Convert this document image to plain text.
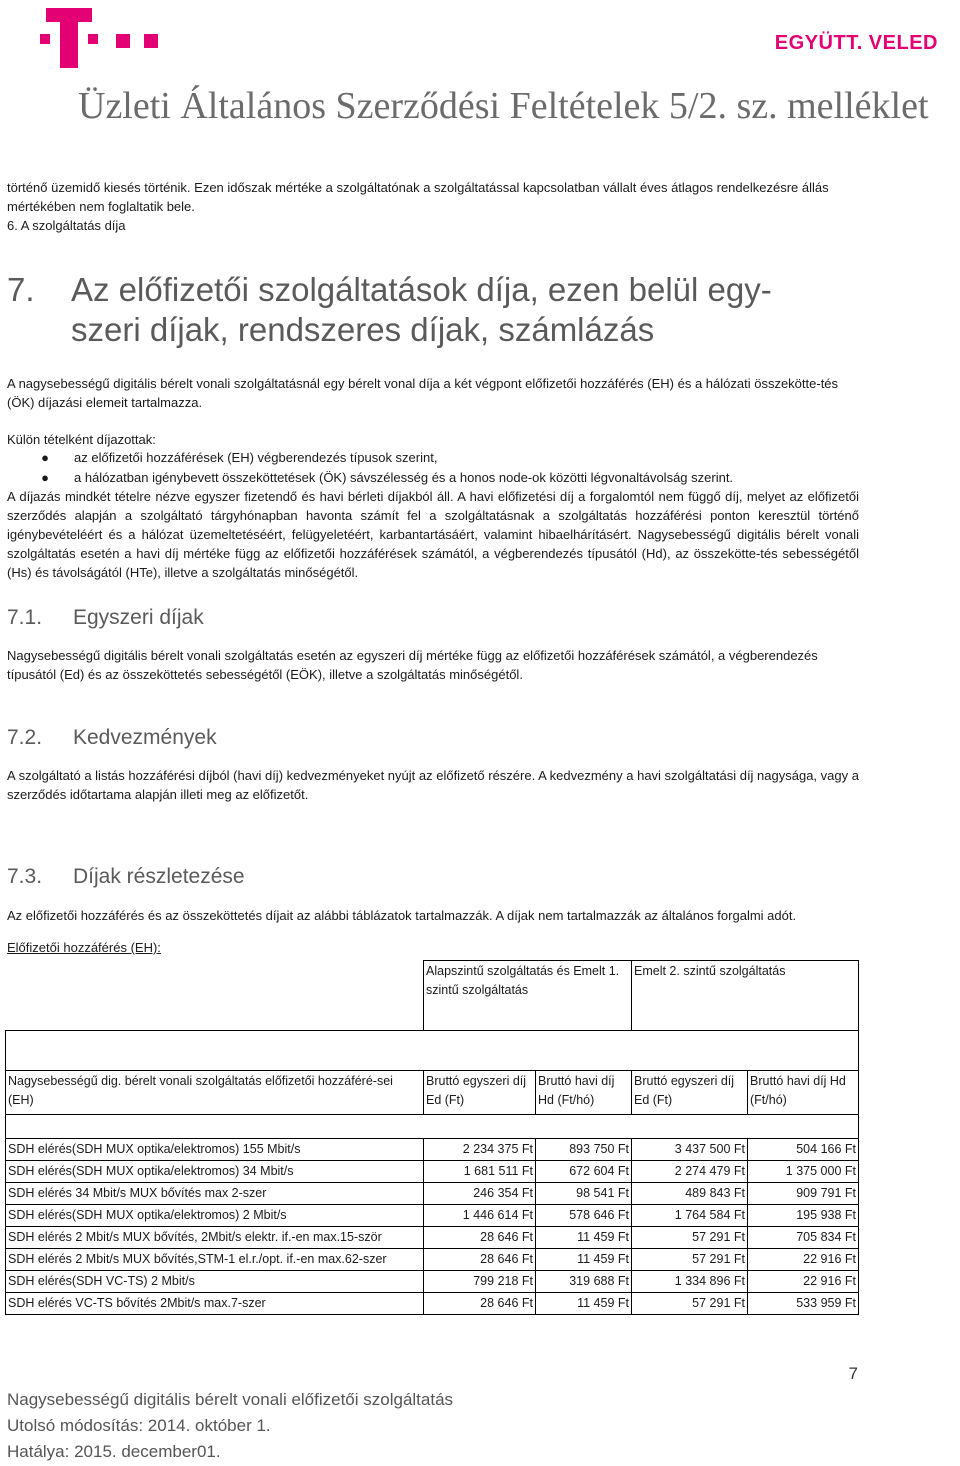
EGYÜTT. VELED
Üzleti Általános Szerződési Feltételek 5/2. sz. melléklet
történő üzemidő kiesés történik. Ezen időszak mértéke a szolgáltatónak a szolgáltatással kapcsolatban vállalt éves átlagos rendelkezésre állás mértékében nem foglaltatik bele.
6. A szolgáltatás díja
7. Az előfizetői szolgáltatások díja, ezen belül egy-
szeri díjak, rendszeres díjak, számlázás
A nagysebességű digitális bérelt vonali szolgáltatásnál egy bérelt vonal díja a két végpont előfizetői hozzáférés (EH) és a hálózati összekötte-tés (ÖK) díjazási elemeit tartalmazza.
Külön tételként díjazottak:
● az előfizetői hozzáférések (EH) végberendezés típusok szerint,
● a hálózatban igénybevett összeköttetések (ÖK) sávszélesség és a honos node-ok közötti légvonaltávolság szerint.
A díjazás mindkét tételre nézve egyszer fizetendő és havi bérleti díjakból áll. A havi előfizetési díj a forgalomtól nem függő díj, melyet az előfizetői szerződés alapján a szolgáltató tárgyhónapban havonta számít fel a szolgáltatásnak a szolgáltatás hozzáférési ponton keresztül történő igénybevételéért és a hálózat üzemeltetéséért, felügyeletéért, karbantartásáért, valamint hibaelhárításért. Nagysebességű digitális bérelt vonali szolgáltatás esetén a havi díj mértéke függ az előfizetői hozzáférések számától, a végberendezés típusától (Hd), az összekötte-tés sebességétől (Hs) és távolságától (HTe), illetve a szolgáltatás minőségétől.
7.1. Egyszeri díjak
Nagysebességű digitális bérelt vonali szolgáltatás esetén az egyszeri díj mértéke függ az előfizetői hozzáférések számától, a végberendezés típusától (Ed) és az összeköttetés sebességétől (EÖK), illetve a szolgáltatás minőségétől.
7.2. Kedvezmények
A szolgáltató a listás hozzáférési díjból (havi díj) kedvezményeket nyújt az előfizető részére. A kedvezmény a havi szolgáltatási díj nagysága, vagy a szerződés időtartama alapján illeti meg az előfizetőt.
7.3. Díjak részletezése
Az előfizetői hozzáférés és az összeköttetés díjait az alábbi táblázatok tartalmazzák. A díjak nem tartalmazzák az általános forgalmi adót.
Előfizetői hozzáférés (EH):
	Alapszintű szolgáltatás és Emelt 1. szintű szolgáltatás		Emelt 2. szintű szolgáltatás	

Nagysebességű dig. bérelt vonali szolgáltatás előfizetői hozzáféré-sei (EH)	Bruttó egyszeri díj Ed (Ft)	Bruttó havi díj Hd (Ft/hó)	Bruttó egyszeri díj Ed (Ft)	Bruttó havi díj Hd (Ft/hó)

SDH elérés(SDH MUX optika/elektromos) 155 Mbit/s	2 234 375 Ft	893 750 Ft	3 437 500 Ft	504 166 Ft
SDH elérés(SDH MUX optika/elektromos) 34 Mbit/s	1 681 511 Ft	672 604 Ft	2 274 479 Ft	1 375 000 Ft
SDH elérés 34 Mbit/s MUX bővítés max 2-szer	246 354 Ft	98 541 Ft	489 843 Ft	909 791 Ft
SDH elérés(SDH MUX optika/elektromos) 2 Mbit/s	1 446 614 Ft	578 646 Ft	1 764 584 Ft	195 938 Ft
SDH elérés 2 Mbit/s MUX bővítés, 2Mbit/s elektr. if.-en max.15-ször	28 646 Ft	11 459 Ft	57 291 Ft	705 834 Ft
SDH elérés 2 Mbit/s MUX bővítés,STM-1 el.r./opt. if.-en max.62-szer	28 646 Ft	11 459 Ft	57 291 Ft	22 916 Ft
SDH elérés(SDH VC-TS) 2 Mbit/s	799 218 Ft	319 688 Ft	1 334 896 Ft	22 916 Ft
SDH elérés VC-TS bővítés 2Mbit/s max.7-szer	28 646 Ft	11 459 Ft	57 291 Ft	533 959 Ft
7
Nagysebességű digitális bérelt vonali előfizetői szolgáltatás
Utolsó módosítás: 2014. október 1.
Hatálya: 2015. december01.
